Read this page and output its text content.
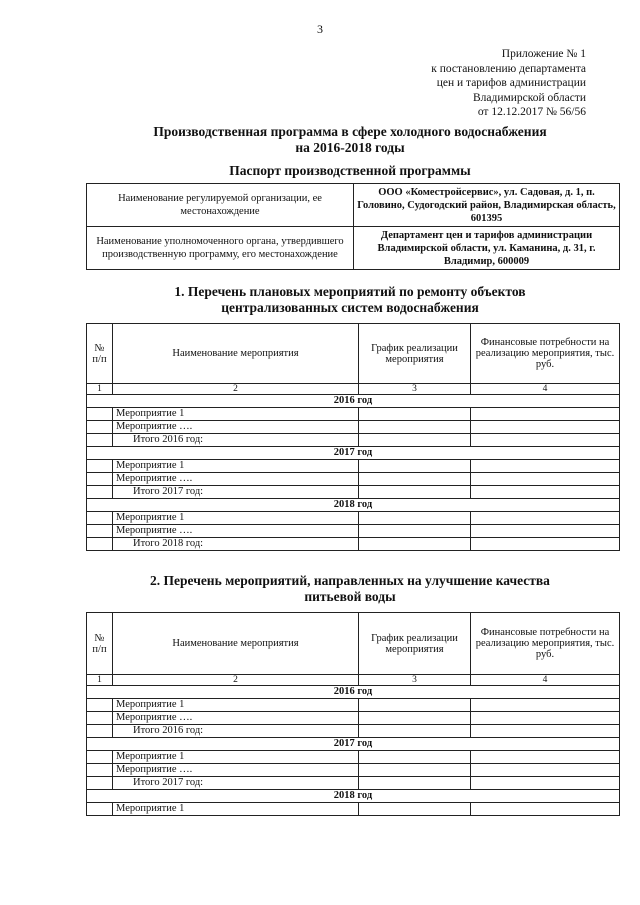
3
Приложение № 1
к постановлению департамента
цен и тарифов администрации
Владимирской области
от 12.12.2017 № 56/56
Производственная программа в сфере холодного водоснабжения
на 2016-2018 годы
Паспорт производственной программы
Наименование регулируемой организации, ее местонахождение	ООО «Коместройсервис», ул. Садовая, д. 1, п. Головино, Судогодский район, Владимирская область, 601395
Наименование уполномоченного органа, утвердившего производственную программу, его местонахождение	Департамент цен и тарифов администрации Владимирской области, ул. Каманина, д. 31, г. Владимир, 600009
1. Перечень плановых мероприятий по ремонту объектов
централизованных систем водоснабжения
№ п/п	Наименование мероприятия	График реализации мероприятия	Финансовые потребности на реализацию мероприятия, тыс. руб.
1	2	3	4
2016 год			
	Мероприятие 1		
	Мероприятие ….		
	Итого 2016 год:		
2017 год			
	Мероприятие 1		
	Мероприятие ….		
	Итого 2017 год:		
2018 год			
	Мероприятие 1		
	Мероприятие ….		
	Итого 2018 год:		
2. Перечень мероприятий, направленных на улучшение качества
питьевой воды
№ п/п	Наименование мероприятия	График реализации мероприятия	Финансовые потребности на реализацию мероприятия, тыс. руб.
1	2	3	4
2016 год			
	Мероприятие 1		
	Мероприятие ….		
	Итого 2016 год:		
2017 год			
	Мероприятие 1		
	Мероприятие ….		
	Итого 2017 год:		
2018 год			
	Мероприятие 1		
